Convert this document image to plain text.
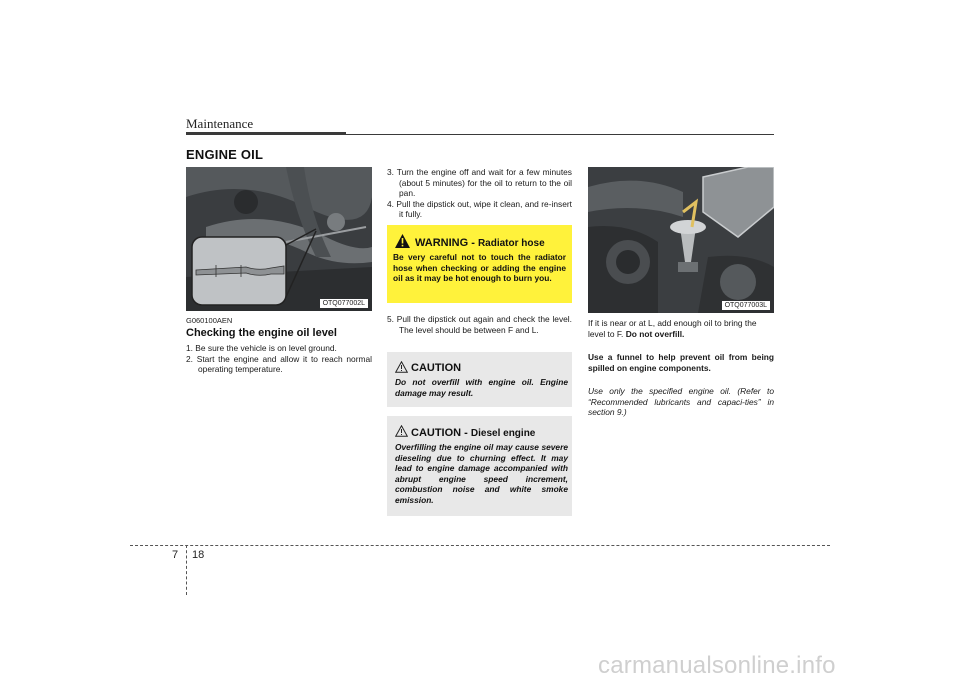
Maintenance
ENGINE OIL
OTQ077002L
G060100AEN
Checking the engine oil level
1. Be sure the vehicle is on level ground.
2. Start the engine and allow it to reach normal operating temperature.
3. Turn the engine off and wait for a few minutes (about 5 minutes) for the oil to return to the oil pan.
4. Pull the dipstick out, wipe it clean, and re-insert it fully.
WARNING - Radiator hose
Be very careful not to touch the radiator hose when checking or adding the engine oil as it may be hot enough to burn you.
5. Pull the dipstick out again and check the level. The level should be between F and L.
CAUTION
Do not overfill with engine oil. Engine damage may result.
CAUTION - Diesel engine
Overfilling the engine oil may cause severe dieseling due to churning effect. It may lead to engine damage accompanied with abrupt engine speed increment, combustion noise and white smoke emission.
OTQ077003L
If it is near or at L, add enough oil to bring the level to F. Do not overfill.
Use a funnel to help prevent oil from being spilled on engine components.
Use only the specified engine oil. (Refer to “Recommended lubricants and capaci-ties” in section 9.)
7 18
carmanualsonline.info
